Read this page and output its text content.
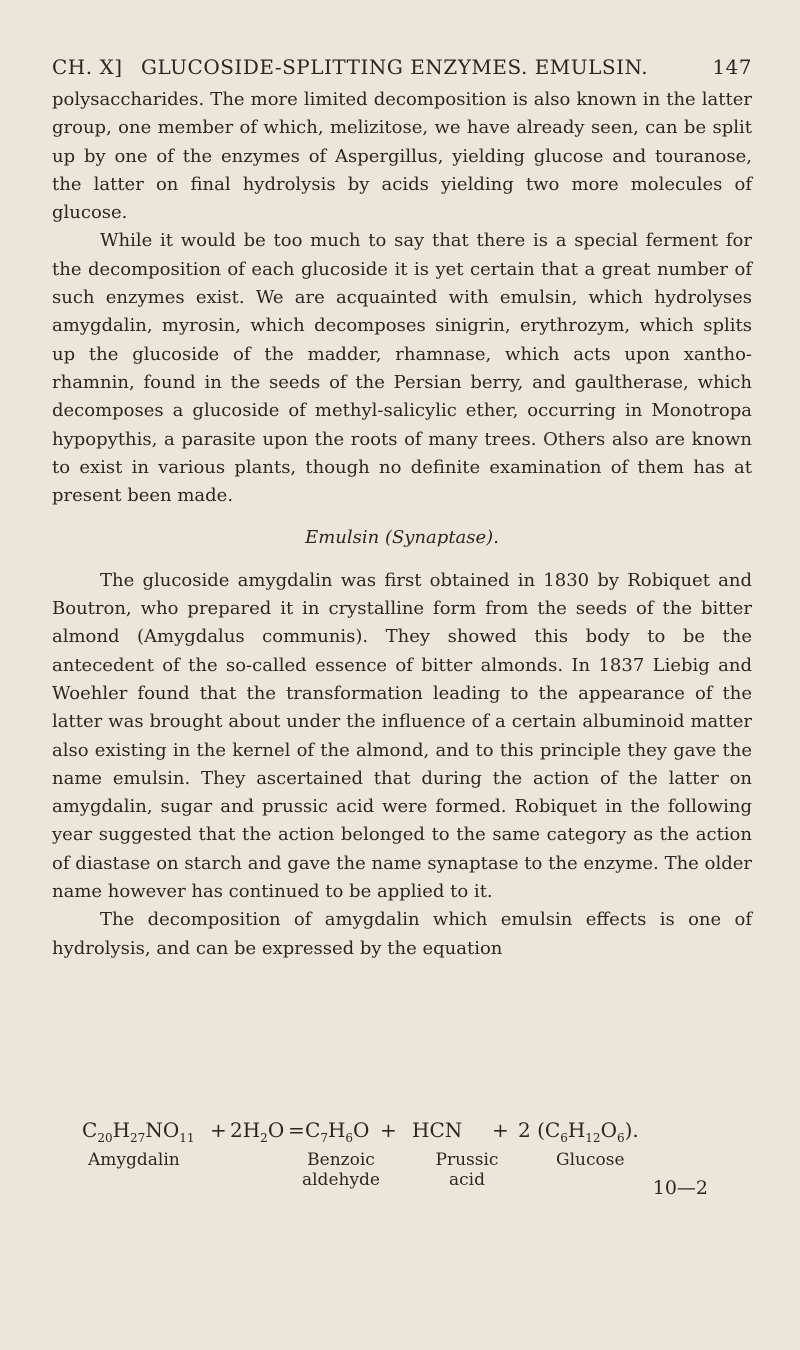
CH. X] GLUCOSIDE-SPLITTING ENZYMES. EMULSIN.	147

polysaccharides. The more limited decomposition is also known in the latter group, one member of which, melizitose, we have already seen, can be split up by one of the enzymes of Aspergillus, yielding glucose and touranose, the latter on final hydrolysis by acids yielding two more molecules of glucose.

While it would be too much to say that there is a special ferment for the decomposition of each glucoside it is yet certain that a great number of such enzymes exist. We are acquainted with emulsin, which hydrolyses amygdalin, myrosin, which decomposes sinigrin, erythrozym, which splits up the glucoside of the madder, rhamnase, which acts upon xantho-rhamnin, found in the seeds of the Persian berry, and gaultherase, which decomposes a glucoside of methyl-salicylic ether, occurring in Monotropa hypopythis, a parasite upon the roots of many trees. Others also are known to exist in various plants, though no definite examination of them has at present been made.

Emulsin (Synaptase).

The glucoside amygdalin was first obtained in 1830 by Robiquet and Boutron, who prepared it in crystalline form from the seeds of the bitter almond (Amygdalus communis). They showed this body to be the antecedent of the so-called essence of bitter almonds. In 1837 Liebig and Woehler found that the transformation leading to the appearance of the latter was brought about under the influence of a certain albuminoid matter also existing in the kernel of the almond, and to this principle they gave the name emulsin. They ascertained that during the action of the latter on amygdalin, sugar and prussic acid were formed. Robiquet in the following year suggested that the action belonged to the same category as the action of diastase on starch and gave the name synaptase to the enzyme. The older name however has continued to be applied to it.

The decomposition of amygdalin which emulsin effects is one of hydrolysis, and can be expressed by the equation

$C_{20}H_{27}NO_{11} + 2H_2O = C_7H_6O$ + HCN + 2 $(C_6H_{12}O_6)$.
Amygdalin	Benzoic aldehyde
Prussic acid
Glucose
10—2
